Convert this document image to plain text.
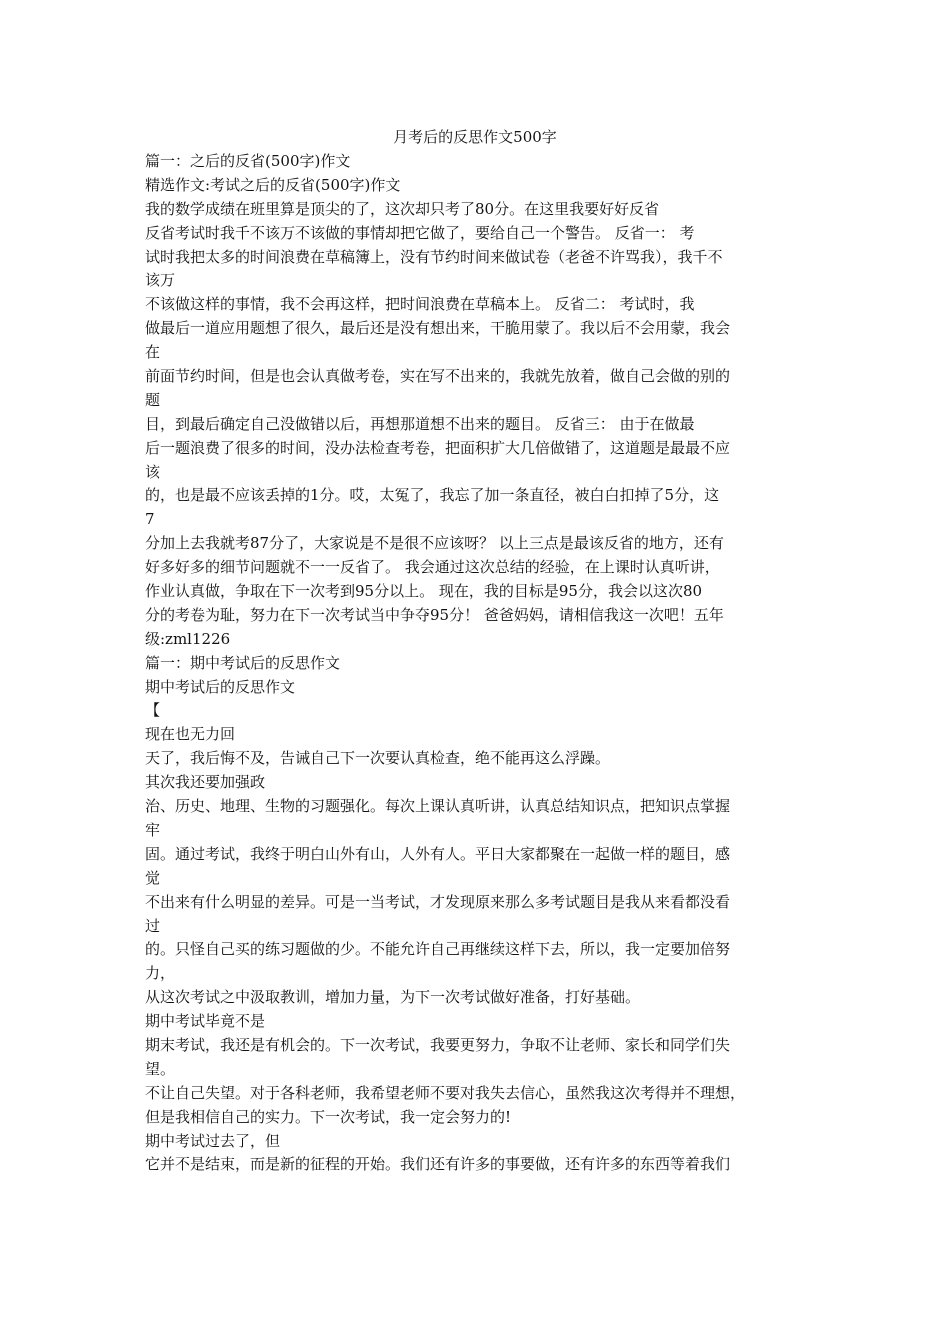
月考后的反思作文500字
篇一：之后的反省(500字)作文
精选作文:考试之后的反省(500字)作文
我的数学成绩在班里算是顶尖的了，这次却只考了80分。在这里我要好好反省
反省考试时我千不该万不该做的事情却把它做了，要给自己一个警告。 反省一： 考
试时我把太多的时间浪费在草稿簿上，没有节约时间来做试卷（老爸不许骂我），我千不
该万
不该做这样的事情，我不会再这样，把时间浪费在草稿本上。 反省二： 考试时，我
做最后一道应用题想了很久，最后还是没有想出来，干脆用蒙了。我以后不会用蒙，我会
在
前面节约时间，但是也会认真做考卷，实在写不出来的，我就先放着，做自己会做的别的
题
目，到最后确定自己没做错以后，再想那道想不出来的题目。 反省三： 由于在做最
后一题浪费了很多的时间，没办法检查考卷，把面积扩大几倍做错了，这道题是最最不应
该
的，也是最不应该丢掉的1分。哎，太冤了，我忘了加一条直径，被白白扣掉了5分，这
7
分加上去我就考87分了，大家说是不是很不应该呀？ 以上三点是最该反省的地方，还有
好多好多的细节问题就不一一反省了。 我会通过这次总结的经验，在上课时认真听讲，
作业认真做，争取在下一次考到95分以上。 现在，我的目标是95分，我会以这次80
分的考卷为耻，努力在下一次考试当中争夺95分！ 爸爸妈妈，请相信我这一次吧！五年
级:zml1226
篇一：期中考试后的反思作文
期中考试后的反思作文
【
现在也无力回
天了，我后悔不及，告诫自己下一次要认真检查，绝不能再这么浮躁。
其次我还要加强政
治、历史、地理、生物的习题强化。每次上课认真听讲，认真总结知识点，把知识点掌握
牢
固。通过考试，我终于明白山外有山，人外有人。平日大家都聚在一起做一样的题目，感
觉
不出来有什么明显的差异。可是一当考试，才发现原来那么多考试题目是我从来看都没看
过
的。只怪自己买的练习题做的少。不能允许自己再继续这样下去，所以，我一定要加倍努
力，
从这次考试之中汲取教训，增加力量，为下一次考试做好准备，打好基础。
期中考试毕竟不是
期末考试，我还是有机会的。下一次考试，我要更努力，争取不让老师、家长和同学们失
望。
不让自己失望。对于各科老师，我希望老师不要对我失去信心，虽然我这次考得并不理想，
但是我相信自己的实力。下一次考试，我一定会努力的!
期中考试过去了，但
它并不是结束，而是新的征程的开始。我们还有许多的事要做，还有许多的东西等着我们
